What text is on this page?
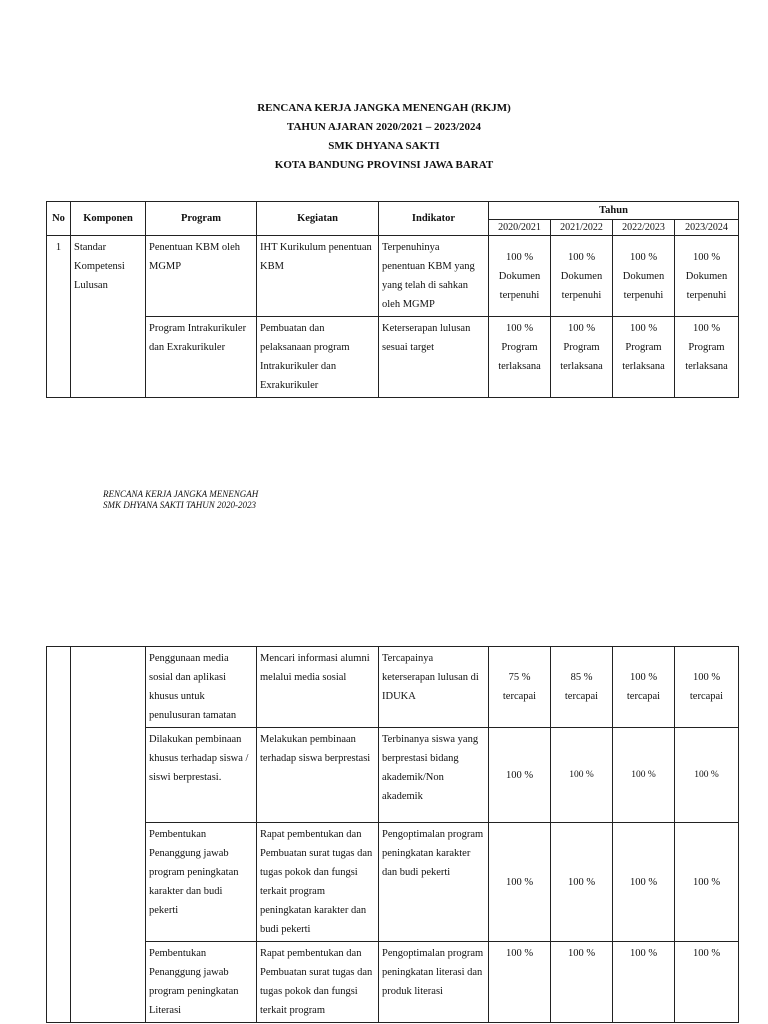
RENCANA KERJA JANGKA MENENGAH (RKJM)
TAHUN AJARAN 2020/2021 – 2023/2024
SMK DHYANA SAKTI
KOTA BANDUNG PROVINSI JAWA BARAT
No	Komponen	Program	Kegiatan	Indikator	Tahun			
					2020/2021	2021/2022	2022/2023	2023/2024
1	Standar Kompetensi Lulusan	Penentuan KBM oleh MGMP	IHT Kurikulum penentuan KBM	Terpenuhinya penentuan KBM yang yang telah di sahkan oleh MGMP	100 % Dokumen terpenuhi	100 % Dokumen terpenuhi	100 % Dokumen terpenuhi	100 % Dokumen terpenuhi
		Program Intrakurikuler dan Exrakurikuler	Pembuatan dan pelaksanaan program Intrakurikuler dan Exrakurikuler	Keterserapan lulusan sesuai target	100 % Program terlaksana	100 % Program terlaksana	100 % Program terlaksana	100 % Program terlaksana
RENCANA KERJA JANGKA MENENGAH
SMK DHYANA SAKTI TAHUN 2020-2023
		Penggunaan media sosial dan aplikasi khusus untuk penulusuran tamatan	Mencari informasi alumni melalui media sosial	Tercapainya keterserapan lulusan di IDUKA	75 % tercapai	85 % tercapai	100 % tercapai	100 % tercapai
		Dilakukan pembinaan khusus terhadap siswa / siswi berprestasi.	Melakukan pembinaan terhadap siswa berprestasi	Terbinanya siswa yang berprestasi bidang akademik/Non akademik	100 %	100 %	100 %	100 %
		Pembentukan Penanggung jawab program peningkatan karakter dan budi pekerti	Rapat pembentukan dan Pembuatan surat tugas dan tugas pokok dan fungsi terkait program peningkatan karakter dan budi pekerti	Pengoptimalan program peningkatan karakter dan budi pekerti	100 %	100 %	100 %	100 %
		Pembentukan Penanggung jawab program peningkatan Literasi	Rapat pembentukan dan Pembuatan surat tugas dan tugas pokok dan fungsi terkait program	Pengoptimalan program peningkatan literasi dan produk literasi	100 %	100 %	100 %	100 %
